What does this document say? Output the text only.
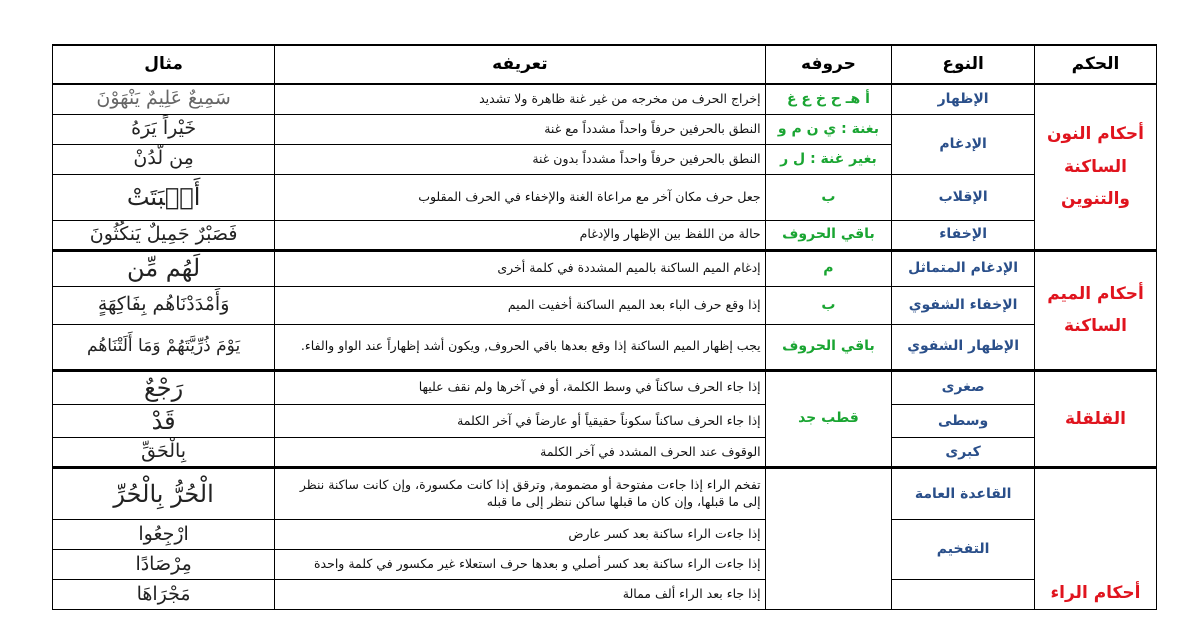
الحكم	النوع	حروفه	تعريفه	مثال
أحكام النون الساكنة والتنوين	الإظهار	أ هـ ح خ ع غ	إخراج الحرف من مخرجه من غير غنة ظاهرة ولا تشديد	سَمِيعٌ عَلِيمٌ يَنْهَوْنَ
	الإدغام	بغنة : ي ن م و	النطق بالحرفين حرفاً واحداً مشدداً مع غنة	خَيْراً يَرَهُ
		بغير غنة : ل ر	النطق بالحرفين حرفاً واحداً مشدداً بدون غنة	مِن لَّدُنْ
	الإقلاب	ب	جعل حرف مكان آخر مع مراعاة الغنة والإخفاء في الحرف المقلوب	أَنۢبَتَتْ
	الإخفاء	باقي الحروف	حالة من اللفظ بين الإظهار والإدغام	فَصَبْرٌ جَمِيلٌ يَنكُثُونَ
أحكام الميم الساكنة	الإدغام المتماثل	م	إدغام الميم الساكنة بالميم المشددة في كلمة أخرى	لَهُم مِّن
	الإخفاء الشفوي	ب	إذا وقع حرف الباء بعد الميم الساكنة أخفيت الميم	وَأَمْدَدْنَاهُم بِفَاكِهَةٍ
	الإظهار الشفوي	باقي الحروف	يجب إظهار الميم الساكنة إذا وقع بعدها باقي الحروف, ويكون أشد إظهاراً عند الواو والفاء.	يَوْمَ ذُرِّيَّتَهُمْ وَمَا أَلَتْنَاهُم
القلقلة	صغرى	قطب جد	إذا جاء الحرف ساكناً في وسط الكلمة، أو في آخرها ولم نقف عليها	رَجْعٌ
	وسطى		إذا جاء الحرف ساكناً سكوناً حقيقياً أو عارضاً في آخر الكلمة	قَدْ
	كبرى		الوقوف عند الحرف المشدد في آخر الكلمة	بِالْحَقِّ
أحكام الراء	القاعدة العامة		تفخم الراء إذا جاءت مفتوحة أو مضمومة, وترقق إذا كانت مكسورة، وإن كانت ساكنة ننظر إلى ما قبلها، وإن كان ما قبلها ساكن ننظر إلى ما قبله	الْحُرُّ بِالْحُرِّ
	التفخيم		إذا جاءت الراء ساكنة بعد كسر عارض	ارْجِعُوا
			إذا جاءت الراء ساكنة بعد كسر أصلي و بعدها حرف استعلاء غير مكسور في كلمة واحدة	مِرْصَادًا
			إذا جاء بعد الراء ألف ممالة	مَجْرَاهَا
